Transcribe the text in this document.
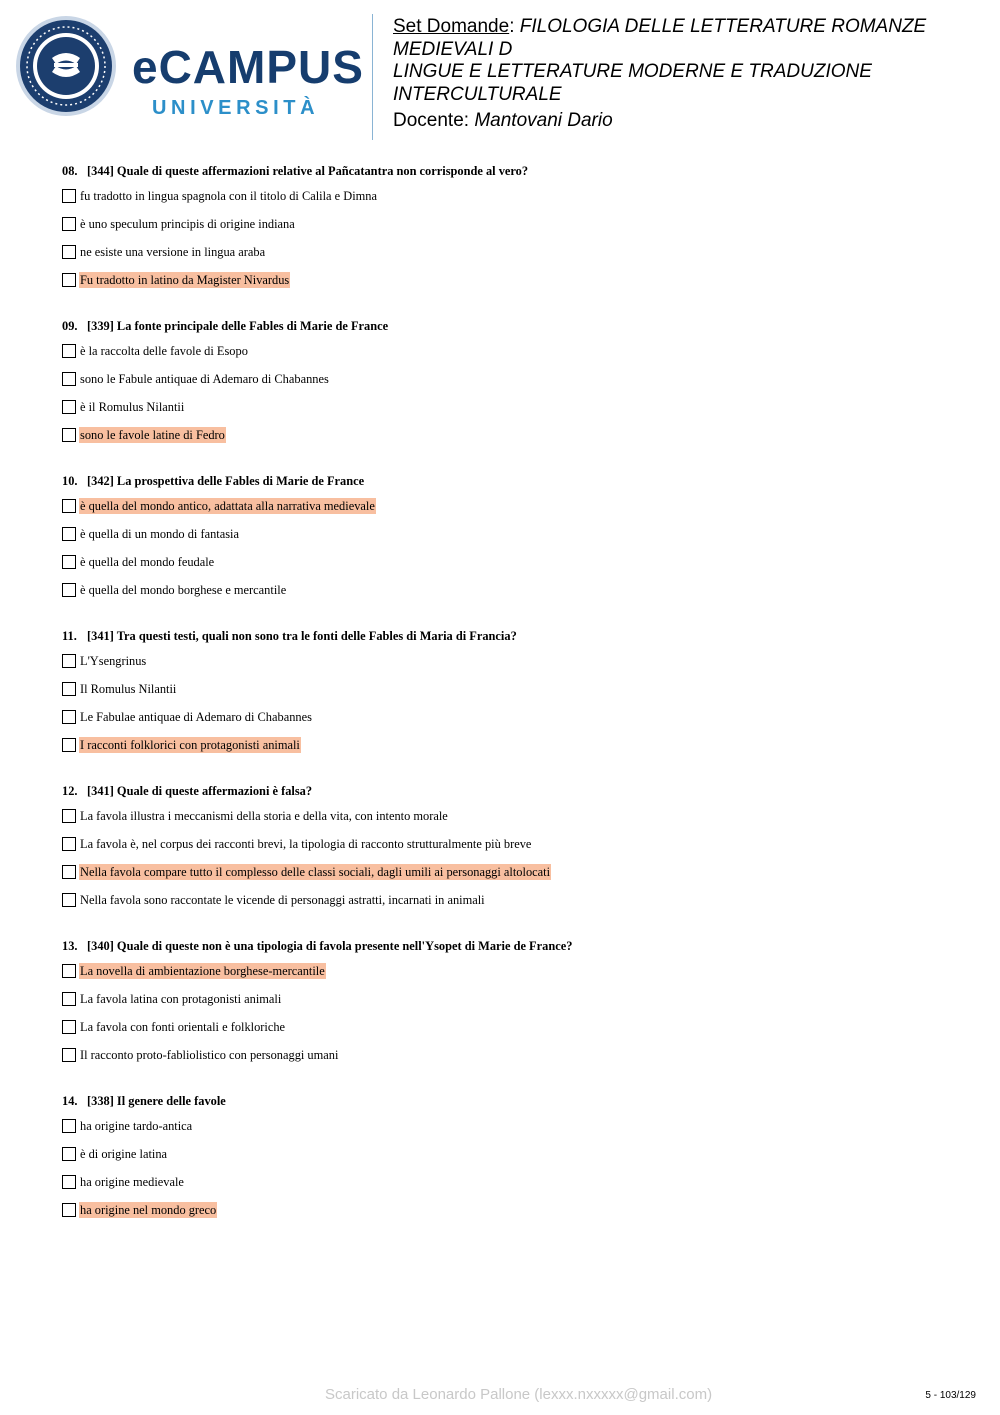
eCAMPUS
UNIVERSITÀ

Set Domande: FILOLOGIA DELLE LETTERATURE ROMANZE

MEDIEVALI D

LINGUE E LETTERATURE MODERNE E TRADUZIONE

INTERCULTURALE

Docente: Mantovani Dario

08. [344] Quale di queste affermazioni relative al Pañcatantra non corrisponde al vero?
fu tradotto in lingua spagnola con il titolo di Calila e Dimna
è uno speculum principis di origine indiana
ne esiste una versione in lingua araba
Fu tradotto in latino da Magister Nivardus
09. [339] La fonte principale delle Fables di Marie de France
è la raccolta delle favole di Esopo
sono le Fabule antiquae di Ademaro di Chabannes
è il Romulus Nilantii
sono le favole latine di Fedro
10. [342] La prospettiva delle Fables di Marie de France
è quella del mondo antico, adattata alla narrativa medievale
è quella di un mondo di fantasia
è quella del mondo feudale
è quella del mondo borghese e mercantile
11. [341] Tra questi testi, quali non sono tra le fonti delle Fables di Maria di Francia?
L'Ysengrinus
Il Romulus Nilantii
Le Fabulae antiquae di Ademaro di Chabannes
I racconti folklorici con protagonisti animali
12. [341] Quale di queste affermazioni è falsa?
La favola illustra i meccanismi della storia e della vita, con intento morale
La favola è, nel corpus dei racconti brevi, la tipologia di racconto strutturalmente più breve
Nella favola compare tutto il complesso delle classi sociali, dagli umili ai personaggi altolocati
Nella favola sono raccontate le vicende di personaggi astratti, incarnati in animali
13. [340] Quale di queste non è una tipologia di favola presente nell'Ysopet di Marie de France?
La novella di ambientazione borghese-mercantile
La favola latina con protagonisti animali
La favola con fonti orientali e folkloriche
Il racconto proto-fabliolistico con personaggi umani
14. [338] Il genere delle favole
ha origine tardo-antica
è di origine latina
ha origine medievale
ha origine nel mondo greco
Scaricato da Leonardo Pallone (lexxx.nxxxxx@gmail.com)	5 - 103/129
